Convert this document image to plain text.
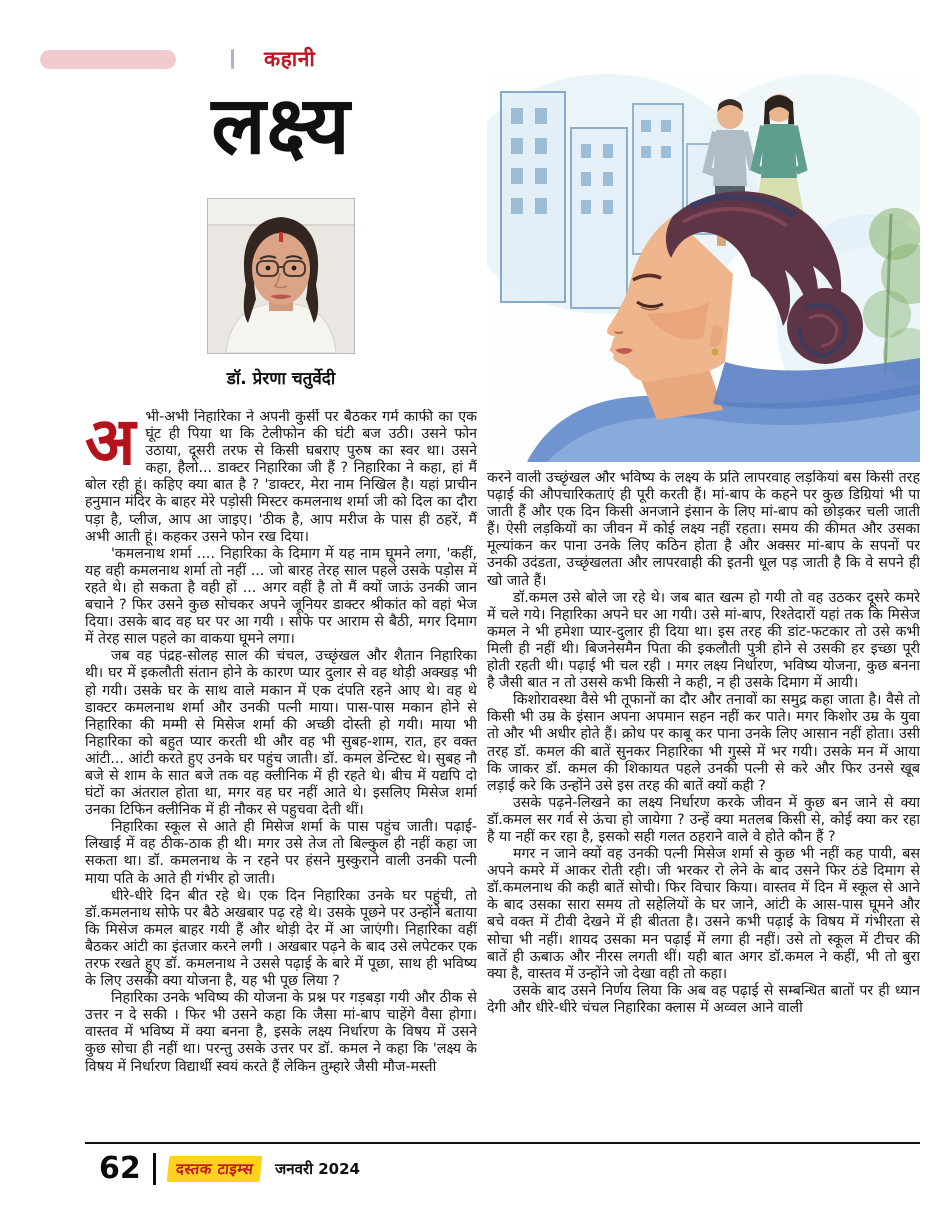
कहानी
लक्ष्य
डॉ. प्रेरणा चतुर्वेदी

अभी-अभी निहारिका ने अपनी कुर्सी पर बैठकर गर्म काफी का एक घूंट ही पिया था कि टेलीफोन की घंटी बज उठी। उसने फोन उठाया, दूसरी तरफ से किसी घबराए पुरुष का स्वर था। उसने कहा, हैलो... डाक्टर निहारिका जी हैं ? निहारिका ने कहा, हां मैं बोल रही हूं। कहिए क्या बात है ? 'डाक्टर, मेरा नाम निखिल है। यहां प्राचीन हनुमान मंदिर के बाहर मेरे पड़ोसी मिस्टर कमलनाथ शर्मा जी को दिल का दौरा पड़ा है, प्लीज, आप आ जाइए। 'ठीक है, आप मरीज के पास ही ठहरें, मैं अभी आती हूं। कहकर उसने फोन रख दिया।

'कमलनाथ शर्मा .... निहारिका के दिमाग में यह नाम घूमने लगा, 'कहीं, यह वही कमलनाथ शर्मा तो नहीं ... जो बारह तेरह साल पहले उसके पड़ोस में रहते थे। हो सकता है वही हों ... अगर वहीं है तो मैं क्यों जाऊं उनकी जान बचाने ? फिर उसने कुछ सोचकर अपने जूनियर डाक्टर श्रीकांत को वहां भेज दिया। उसके बाद वह घर पर आ गयी । सोफे पर आराम से बैठी, मगर दिमाग में तेरह साल पहले का वाकया घूमने लगा।

जब वह पंद्रह-सोलह साल की चंचल, उच्छृंखल और शैतान निहारिका थी। घर में इकलौती संतान होने के कारण प्यार दुलार से वह थोड़ी अक्खड़ भी हो गयी। उसके घर के साथ वाले मकान में एक दंपति रहने आए थे। वह थे डाक्टर कमलनाथ शर्मा और उनकी पत्नी माया। पास-पास मकान होने से निहारिका की मम्मी से मिसेज शर्मा की अच्छी दोस्ती हो गयी। माया भी निहारिका को बहुत प्यार करती थी और वह भी सुबह-शाम, रात, हर वक्त आंटी... आंटी करते हुए उनके घर पहुंच जाती। डॉ. कमल डेन्टिस्ट थे। सुबह नौ बजे से शाम के सात बजे तक वह क्लीनिक में ही रहते थे। बीच में यद्यपि दो घंटों का अंतराल होता था, मगर वह घर नहीं आते थे। इसलिए मिसेज शर्मा उनका टिफिन क्लीनिक में ही नौकर से पहुचवा देती थीं।

निहारिका स्कूल से आते ही मिसेज शर्मा के पास पहुंच जाती। पढ़ाई-लिखाई में वह ठीक-ठाक ही थी। मगर उसे तेज तो बिल्कुल ही नहीं कहा जा सकता था। डॉ. कमलनाथ के न रहने पर हंसने मुस्कुराने वाली उनकी पत्नी माया पति के आते ही गंभीर हो जाती।

धीरे-धीरे दिन बीत रहे थे। एक दिन निहारिका उनके घर पहुंची, तो डॉ.कमलनाथ सोफे पर बैठे अखबार पढ़ रहे थे। उसके पूछने पर उन्होंने बताया कि मिसेज कमल बाहर गयी हैं और थोड़ी देर में आ जाएंगी। निहारिका वहीं बैठकर आंटी का इंतजार करने लगी । अखबार पढ़ने के बाद उसे लपेटकर एक तरफ रखते हुए डॉ. कमलनाथ ने उससे पढ़ाई के बारे में पूछा, साथ ही भविष्य के लिए उसकी क्या योजना है, यह भी पूछ लिया ?

निहारिका उनके भविष्य की योजना के प्रश्न पर गड़बड़ा गयी और ठीक से उत्तर न दे सकी । फिर भी उसने कहा कि जैसा मां-बाप चाहेंगे वैसा होगा। वास्तव में भविष्य में क्या बनना है, इसके लक्ष्य निर्धारण के विषय में उसने कुछ सोचा ही नहीं था। परन्तु उसके उत्तर पर डॉ. कमल ने कहा कि 'लक्ष्य के विषय में निर्धारण विद्यार्थी स्वयं करते हैं लेकिन तुम्हारे जैसी मौज-मस्ती

करने वाली उच्छृंखल और भविष्य के लक्ष्य के प्रति लापरवाह लड़कियां बस किसी तरह पढ़ाई की औपचारिकताएं ही पूरी करती हैं। मां-बाप के कहने पर कुछ डिग्रियां भी पा जाती हैं और एक दिन किसी अनजाने इंसान के लिए मां-बाप को छोड़कर चली जाती हैं। ऐसी लड़कियों का जीवन में कोई लक्ष्य नहीं रहता। समय की कीमत और उसका मूल्यांकन कर पाना उनके लिए कठिन होता है और अक्सर मां-बाप के सपनों पर उनकी उदंडता, उच्छृंखलता और लापरवाही की इतनी धूल पड़ जाती है कि वे सपने ही खो जाते हैं।

डॉ.कमल उसे बोले जा रहे थे। जब बात खत्म हो गयी तो वह उठकर दूसरे कमरे में चले गये। निहारिका अपने घर आ गयी। उसे मां-बाप, रिश्तेदारों यहां तक कि मिसेज कमल ने भी हमेशा प्यार-दुलार ही दिया था। इस तरह की डांट-फटकार तो उसे कभी मिली ही नहीं थी। बिजनेसमैन पिता की इकलौती पुत्री होने से उसकी हर इच्छा पूरी होती रहती थी। पढ़ाई भी चल रही । मगर लक्ष्य निर्धारण, भविष्य योजना, कुछ बनना है जैसी बात न तो उससे कभी किसी ने कही, न ही उसके दिमाग में आयी।

किशोरावस्था वैसे भी तूफानों का दौर और तनावों का समुद्र कहा जाता है। वैसे तो किसी भी उम्र के इंसान अपना अपमान सहन नहीं कर पाते। मगर किशोर उम्र के युवा तो और भी अधीर होते हैं। क्रोध पर काबू कर पाना उनके लिए आसान नहीं होता। उसी तरह डॉ. कमल की बातें सुनकर निहारिका भी गुस्से में भर गयी। उसके मन में आया कि जाकर डॉ. कमल की शिकायत पहले उनकी पत्नी से करे और फिर उनसे खूब लड़ाई करे कि उन्होंने उसे इस तरह की बातें क्यों कही ?

उसके पढ़ने-लिखने का लक्ष्य निर्धारण करके जीवन में कुछ बन जाने से क्या डॉ.कमल सर गर्व से ऊंचा हो जायेगा ? उन्हें क्या मतलब किसी से, कोई क्या कर रहा है या नहीं कर रहा है, इसको सही गलत ठहराने वाले वे होते कौन हैं ?

मगर न जाने क्यों वह उनकी पत्नी मिसेज शर्मा से कुछ भी नहीं कह पायी, बस अपने कमरे में आकर रोती रही। जी भरकर रो लेने के बाद उसने फिर ठंडे दिमाग से डॉ.कमलनाथ की कही बातें सोची। फिर विचार किया। वास्तव में दिन में स्कूल से आने के बाद उसका सारा समय तो सहेलियों के घर जाने, आंटी के आस-पास घूमने और बचे वक्त में टीवी देखने में ही बीतता है। उसने कभी पढ़ाई के विषय में गंभीरता से सोचा भी नहीं। शायद उसका मन पढ़ाई में लगा ही नहीं। उसे तो स्कूल में टीचर की बातें ही ऊबाऊ और नीरस लगती थीं। यही बात अगर डॉ.कमल ने कहीं, भी तो बुरा क्या है, वास्तव में उन्होंने जो देखा वही तो कहा।

उसके बाद उसने निर्णय लिया कि अब वह पढ़ाई से सम्बन्धित बातों पर ही ध्यान देगी और धीरे-धीरे चंचल निहारिका क्लास में अव्वल आने वाली

62	दस्तक टाइम्स	जनवरी 2024
